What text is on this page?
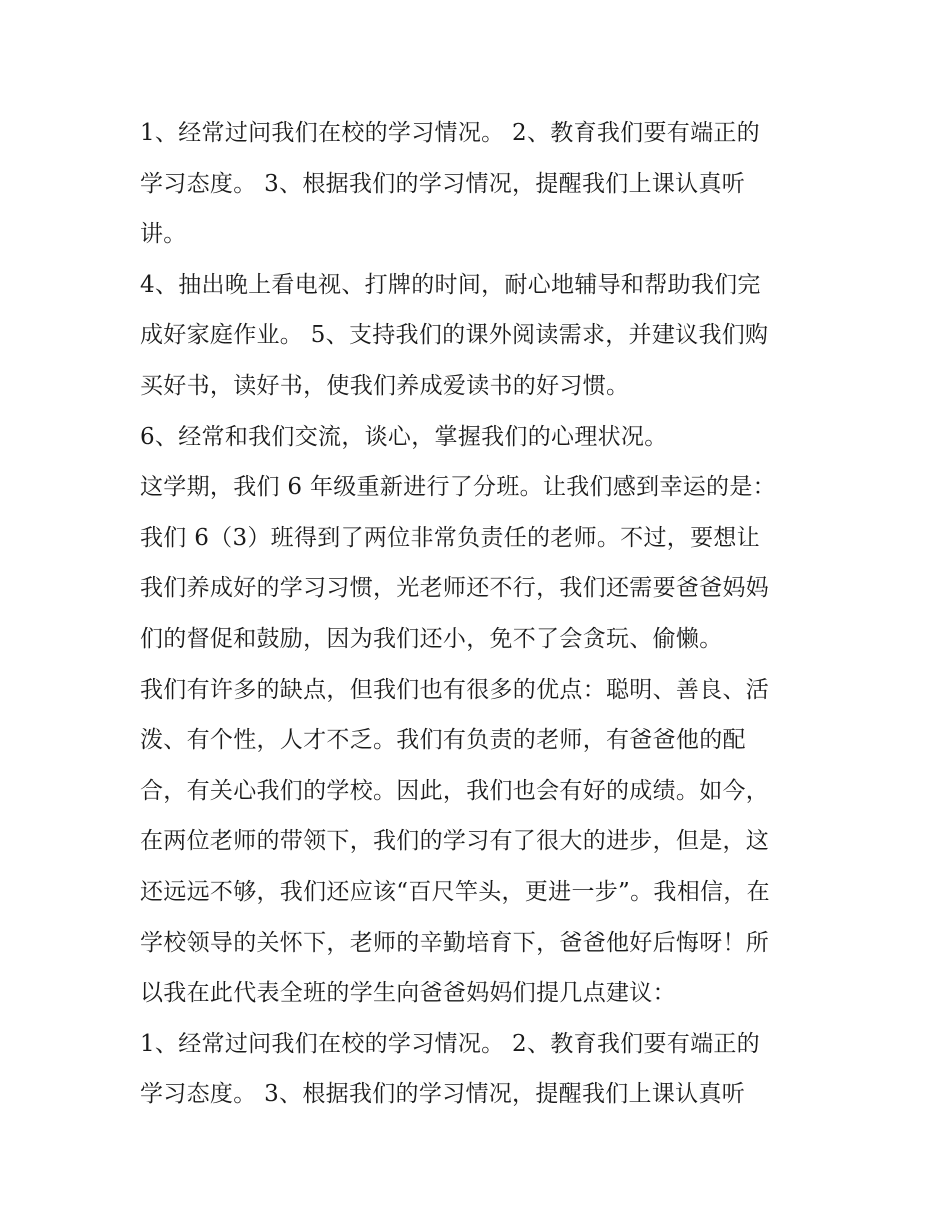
1、经常过问我们在校的学习情况。 2、教育我们要有端正的
学习态度。 3、根据我们的学习情况，提醒我们上课认真听
讲。
4、抽出晚上看电视、打牌的时间，耐心地辅导和帮助我们完
成好家庭作业。 5、支持我们的课外阅读需求，并建议我们购
买好书，读好书，使我们养成爱读书的好习惯。
6、经常和我们交流，谈心，掌握我们的心理状况。
这学期，我们 6 年级重新进行了分班。让我们感到幸运的是：
我们 6（3）班得到了两位非常负责任的老师。不过，要想让
我们养成好的学习习惯，光老师还不行，我们还需要爸爸妈妈
们的督促和鼓励，因为我们还小，免不了会贪玩、偷懒。
我们有许多的缺点，但我们也有很多的优点：聪明、善良、活
泼、有个性，人才不乏。我们有负责的老师，有爸爸他的配
合，有关心我们的学校。因此，我们也会有好的成绩。如今，
在两位老师的带领下，我们的学习有了很大的进步，但是，这
还远远不够，我们还应该“百尺竿头，更进一步”。我相信，在
学校领导的关怀下，老师的辛勤培育下，爸爸他好后悔呀！所
以我在此代表全班的学生向爸爸妈妈们提几点建议：
1、经常过问我们在校的学习情况。 2、教育我们要有端正的
学习态度。 3、根据我们的学习情况，提醒我们上课认真听
